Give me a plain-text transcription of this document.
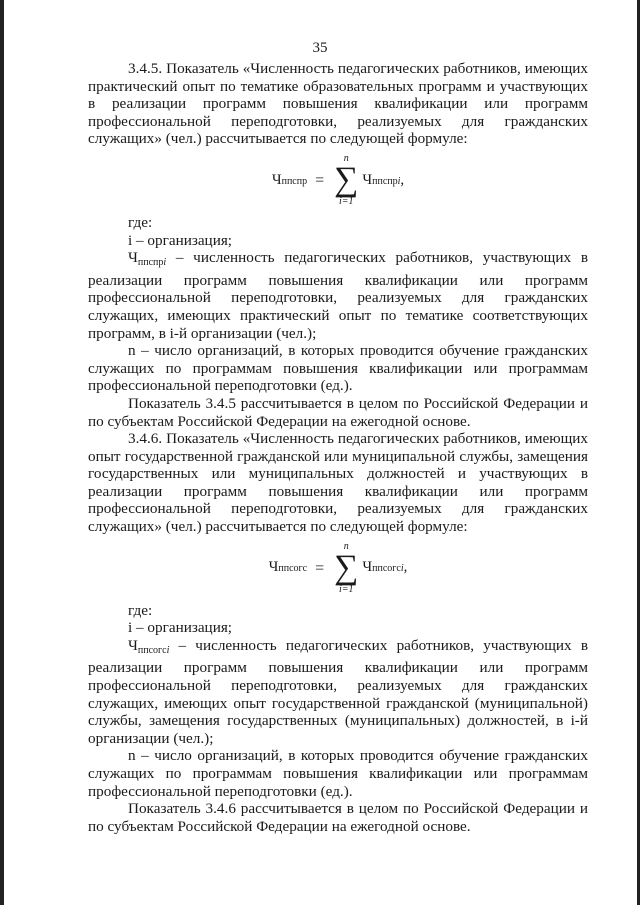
35

3.4.5. Показатель «Численность педагогических работников, имеющих практический опыт по тематике образовательных программ и участвующих в реализации программ повышения квалификации или программ профессиональной переподготовки, реализуемых для гражданских служащих» (чел.) рассчитывается по следующей формуле:

Ч ппспр =
n
∑
i=1
Ч ппспрi ,

где:

i – организация;

$Ч_{ппспрi}$ – численность педагогических работников, участвующих в реализации программ повышения квалификации или программ профессиональной переподготовки, реализуемых для гражданских служащих, имеющих практический опыт по тематике соответствующих программ, в i-й организации (чел.);

n – число организаций, в которых проводится обучение гражданских служащих по программам повышения квалификации или программам профессиональной переподготовки (ед.).

Показатель 3.4.5 рассчитывается в целом по Российской Федерации и по субъектам Российской Федерации на ежегодной основе.

3.4.6. Показатель «Численность педагогических работников, имеющих опыт государственной гражданской или муниципальной службы, замещения государственных или муниципальных должностей и участвующих в реализации программ повышения квалификации или программ профессиональной переподготовки, реализуемых для гражданских служащих» (чел.) рассчитывается по следующей формуле:

Ч ппсогс =
n
∑
i=1
Ч ппсогсi ,

где:

i – организация;

$Ч_{ппсогсi}$ – численность педагогических работников, участвующих в реализации программ повышения квалификации или программ профессиональной переподготовки, реализуемых для гражданских служащих, имеющих опыт государственной гражданской (муниципальной) службы, замещения государственных (муниципальных) должностей, в i-й организации (чел.);

n – число организаций, в которых проводится обучение гражданских служащих по программам повышения квалификации или программам профессиональной переподготовки (ед.).

Показатель 3.4.6 рассчитывается в целом по Российской Федерации и по субъектам Российской Федерации на ежегодной основе.
